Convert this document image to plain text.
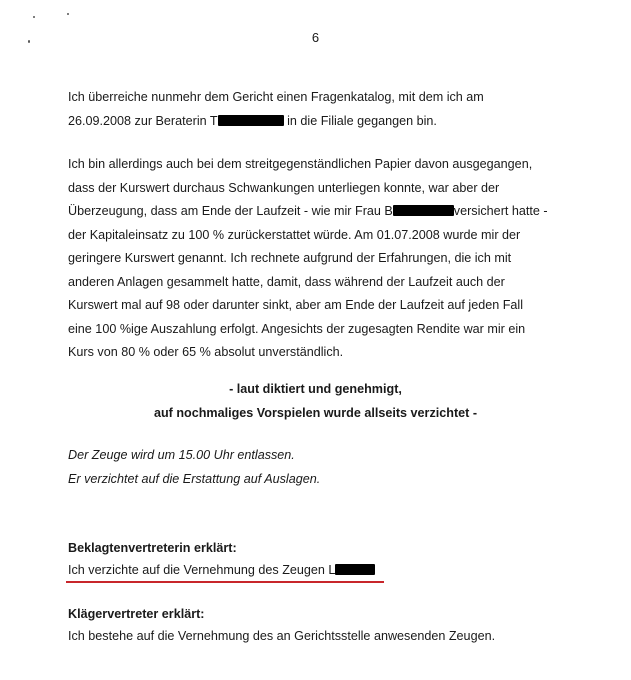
6

Ich überreiche nunmehr dem Gericht einen Fragenkatalog, mit dem ich am
26.09.2008 zur Beraterin T	in die Filiale gegangen bin.

Ich bin allerdings auch bei dem streitgegenständlichen Papier davon ausgegangen,
dass der Kurswert durchaus Schwankungen unterliegen konnte, war aber der
Überzeugung, dass am Ende der Laufzeit - wie mir Frau B	versichert hatte -
der Kapitaleinsatz zu 100 % zurückerstattet würde. Am 01.07.2008 wurde mir der
geringere Kurswert genannt. Ich rechnete aufgrund der Erfahrungen, die ich mit
anderen Anlagen gesammelt hatte, damit, dass während der Laufzeit auch der
Kurswert mal auf 98 oder darunter sinkt, aber am Ende der Laufzeit auf jeden Fall
eine 100 %ige Auszahlung erfolgt. Angesichts der zugesagten Rendite war mir ein
Kurs von 80 % oder 65 % absolut unverständlich.

- laut diktiert und genehmigt,
auf nochmaliges Vorspielen wurde allseits verzichtet -

Der Zeuge wird um 15.00 Uhr entlassen.
Er verzichtet auf die Erstattung auf Auslagen.

Beklagtenvertreterin erklärt:
Ich verzichte auf die Vernehmung des Zeugen L
Klägervertreter erklärt:
Ich bestehe auf die Vernehmung des an Gerichtsstelle anwesenden Zeugen.
